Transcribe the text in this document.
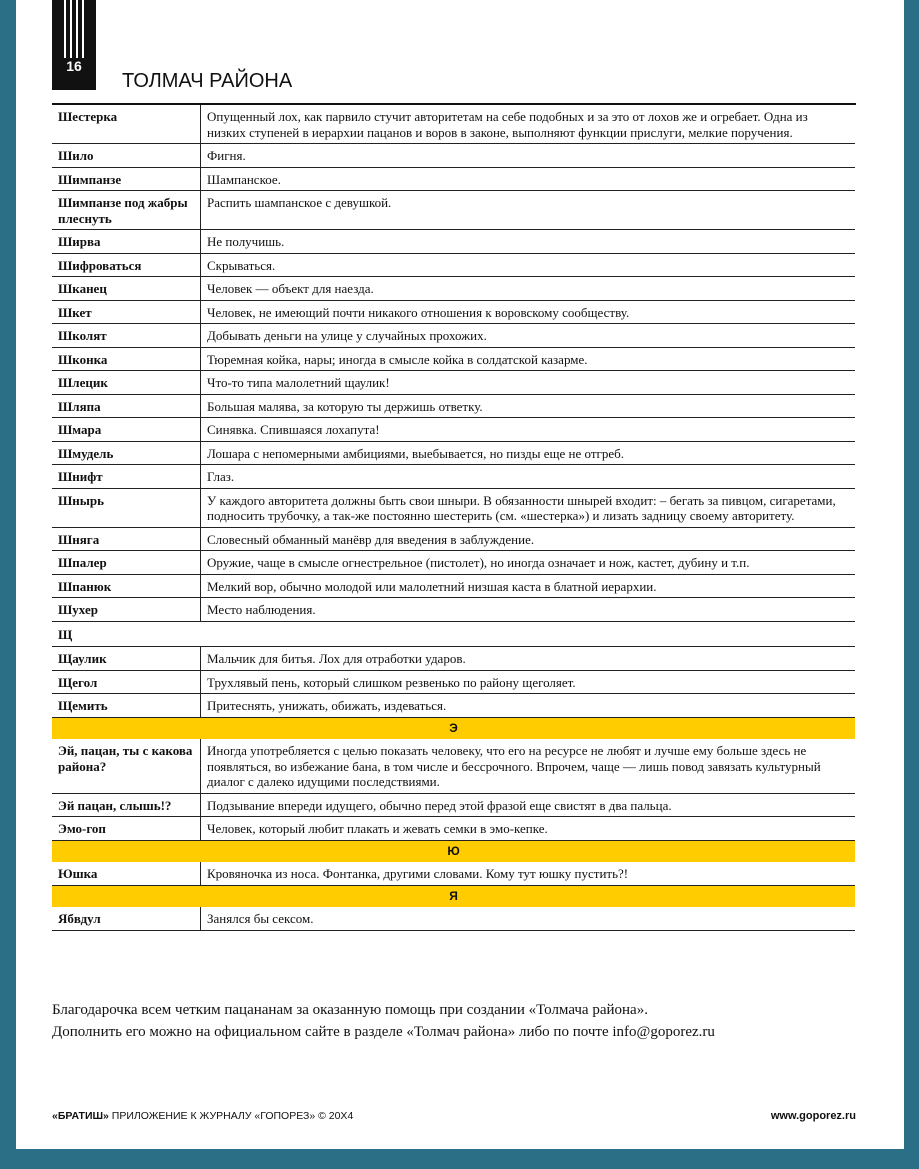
16
ТОЛМАЧ РАЙОНА
Шестерка	Опущенный лох, как парвило стучит авторитетам на себе подобных и за это от лохов же и огребает. Одна из низких ступеней в иерархии пацанов и воров в законе, выполняют функции прислуги, мелкие поручения.
Шило	Фигня.
Шимпанзе	Шампанское.
Шимпанзе под жабры плеснуть	Распить шампанское с девушкой.
Ширва	Не получишь.
Шифроваться	Скрываться.
Шканец	Человек — объект для наезда.
Шкет	Человек, не имеющий почти никакого отношения к воровскому сообществу.
Школят	Добывать деньги на улице у случайных прохожих.
Шконка	Тюремная койка, нары; иногда в смысле койка в солдатской казарме.
Шлецик	Что-то типа малолетний щаулик!
Шляпа	Большая малява, за которую ты держишь ответку.
Шмара	Синявка. Спившаяся лохапута!
Шмудель	Лошара с непомерными амбициями, выебывается, но пизды еще не отгреб.
Шнифт	Глаз.
Шнырь	У каждого авторитета должны быть свои шныри. В обязанности шнырей входит: – бегать за пивцом, сигаретами, подносить трубочку, а так-же постоянно шестерить (см. «шестерка») и лизать задницу своему авторитету.
Шняга	Словесный обманный манёвр для введения в заблуждение.
Шпалер	Оружие, чаще в смысле огнестрельное (пистолет), но иногда означает и нож, кастет, дубину и т.п.
Шпанюк	Мелкий вор, обычно молодой или малолетний низшая каста в блатной иерархии.
Шухер	Место наблюдения.
Щ	
Щаулик	Мальчик для битья. Лох для отработки ударов.
Щегол	Трухлявый пень, который слишком резвенько по району щеголяет.
Щемить	Притеснять, унижать, обижать, издеваться.
Э	
Эй, пацан, ты с какова района?	Иногда употребляется с целью показать человеку, что его на ресурсе не любят и лучше ему больше здесь не появляться, во избежание бана, в том числе и бессрочного. Впрочем, чаще — лишь повод завязать культурный диалог с далеко идущими последствиями.
Эй пацан, слышь!?	Подзывание впереди идущего, обычно перед этой фразой еще свистят в два пальца.
Эмо-гоп	Человек, который любит плакать и жевать семки в эмо-кепке.
Ю	
Юшка	Кровяночка из носа. Фонтанка, другими словами. Кому тут юшку пустить?!
Я	
Ябвдул	Занялся бы сексом.
Благодарочка всем четким пацананам за оказанную помощь при создании «Толмача района».
Дополнить его можно на официальном сайте в разделе «Толмач района» либо по почте info@goporez.ru
«БРАТИШ» ПРИЛОЖЕНИЕ К ЖУРНАЛУ «ГОПОРЕЗ» © 20X4	www.goporez.ru
